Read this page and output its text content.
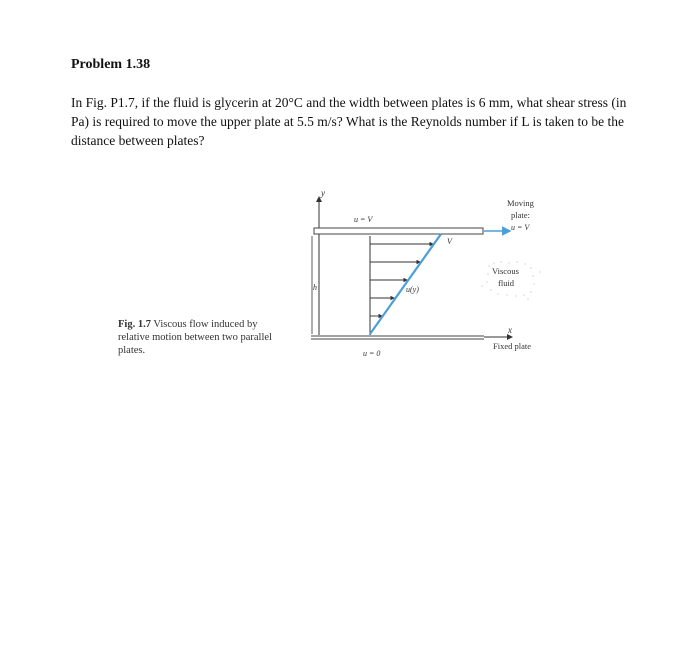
Problem 1.38
In Fig. P1.7, if the fluid is glycerin at 20°C and the width between plates is 6 mm, what shear stress (in Pa) is required to move the upper plate at 5.5 m/s? What is the Reynolds number if L is taken to be the distance between plates?
Fig. 1.7 Viscous flow induced by relative motion between two parallel plates.
y
u = V
Moving
plate:
u = V
x
Fixed plate
u = 0
h
V
u(y)
Viscous
fluid
